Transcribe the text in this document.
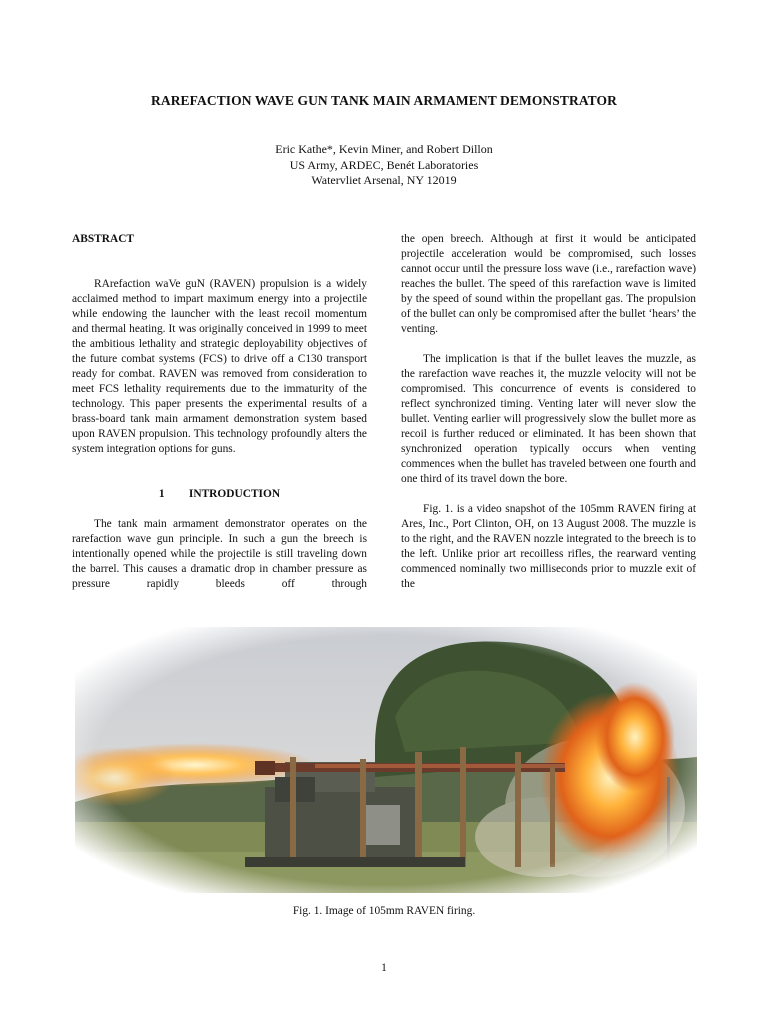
RAREFACTION WAVE GUN TANK MAIN ARMAMENT DEMONSTRATOR
Eric Kathe*, Kevin Miner, and Robert Dillon
US Army, ARDEC, Benét Laboratories
Watervliet Arsenal, NY 12019

ABSTRACT

RArefaction waVe guN (RAVEN) propulsion is a widely acclaimed method to impart maximum energy into a projectile while endowing the launcher with the least recoil momentum and thermal heating. It was originally conceived in 1999 to meet the ambitious lethality and strategic deployability objectives of the future combat systems (FCS) to drive off a C130 transport ready for combat. RAVEN was removed from consideration to meet FCS lethality requirements due to the immaturity of the technology. This paper presents the experimental results of a brass-board tank main armament demonstration system based upon RAVEN propulsion. This technology profoundly alters the system integration options for guns.

1 INTRODUCTION

The tank main armament demonstrator operates on the rarefaction wave gun principle. In such a gun the breech is intentionally opened while the projectile is still traveling down the barrel. This causes a dramatic drop in chamber pressure as pressure rapidly bleeds off through

the open breech. Although at first it would be anticipated projectile acceleration would be compromised, such losses cannot occur until the pressure loss wave (i.e., rarefaction wave) reaches the bullet. The speed of this rarefaction wave is limited by the speed of sound within the propellant gas. The propulsion of the bullet can only be compromised after the bullet ‘hears’ the venting.

The implication is that if the bullet leaves the muzzle, as the rarefaction wave reaches it, the muzzle velocity will not be compromised. This concurrence of events is considered to reflect synchronized timing. Venting later will never slow the bullet. Venting earlier will progressively slow the bullet more as recoil is further reduced or eliminated. It has been shown that synchronized operation typically occurs when venting commences when the bullet has traveled between one fourth and one third of its travel down the bore.

Fig. 1. is a video snapshot of the 105mm RAVEN firing at Ares, Inc., Port Clinton, OH, on 13 August 2008. The muzzle is to the right, and the RAVEN nozzle integrated to the breech is to the left. Unlike prior art recoilless rifles, the rearward venting commenced nominally two milliseconds prior to muzzle exit of the

Fig. 1. Image of 105mm RAVEN firing.
1
